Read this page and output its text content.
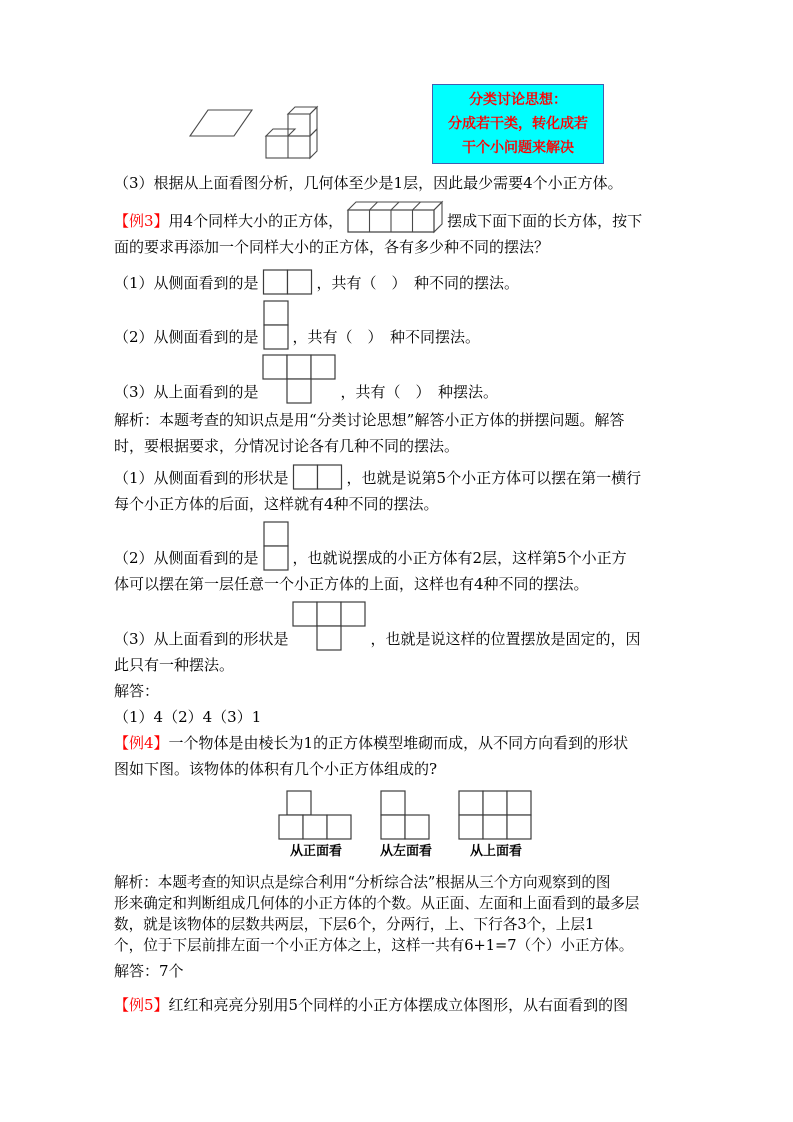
分类讨论思想：
分成若干类，转化成若
干个小问题来解决
（3）根据从上面看图分析，几何体至少是1层，因此最少需要4个小正方体。
【例3】用4个同样大小的正方体，	摆成下面下面的长方体，按下
面的要求再添加一个同样大小的正方体，各有多少种不同的摆法？
（1）从侧面看到的是	，共有（　）　种不同的摆法。
（2）从侧面看到的是 ，共有（　）　种不同摆法。
（3）从上面看到的是	，共有（　）　种摆法。
解析：本题考查的知识点是用“分类讨论思想”解答小正方体的拼摆问题。解答
时，要根据要求，分情况讨论各有几种不同的摆法。
（1）从侧面看到的形状是	，也就是说第5个小正方体可以摆在第一横行
每个小正方体的后面，这样就有4种不同的摆法。
（2）从侧面看到的是 ，也就说摆成的小正方体有2层，这样第5个小正方
体可以摆在第一层任意一个小正方体的上面，这样也有4种不同的摆法。
（3）从上面看到的形状是	，也就是说这样的位置摆放是固定的，因
此只有一种摆法。
解答：
（1）4（2）4（3）1
【例4】一个物体是由棱长为1的正方体模型堆砌而成，从不同方向看到的形状
图如下图。该物体的体积有几个小正方体组成的?
从正面看	从左面看	从上面看
解析：本题考查的知识点是综合利用“分析综合法”根据从三个方向观察到的图
形来确定和判断组成几何体的小正方体的个数。从正面、左面和上面看到的最多层
数，就是该物体的层数共两层，下层6个，分两行，上、下行各3个，上层1
个，位于下层前排左面一个小正方体之上，这样一共有6+1=7（个）小正方体。
解答：7个
【例5】红红和亮亮分别用5个同样的小正方体摆成立体图形，从右面看到的图
